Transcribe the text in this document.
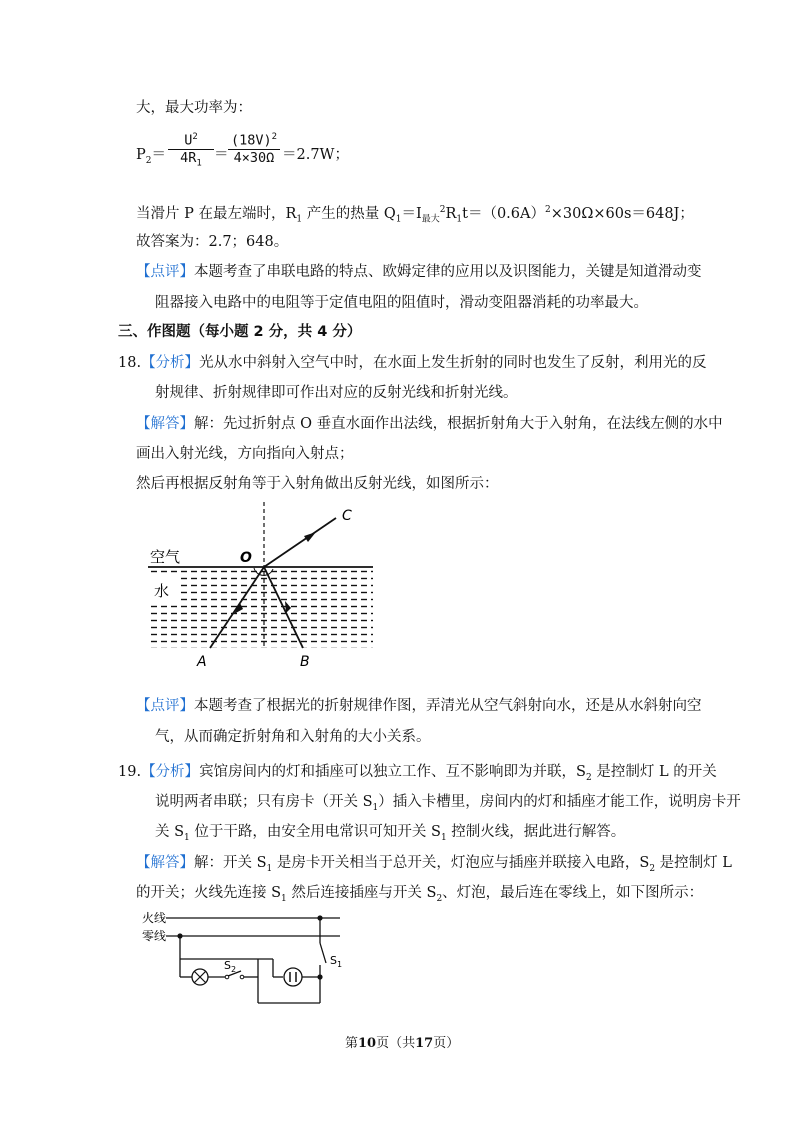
大，最大功率为：
$P_2= \frac{U^2}{4R_1} = \frac{(18V)^2}{4\times 30\Omega} =2.7W$；
当滑片 P 在最左端时，$R_1$ 产生的热量 $Q_1=I_{最大}^2R_1t=(0.6A)^2\times 30\Omega\times 60s=648J$；
故答案为：2.7；648。
【点评】本题考查了串联电路的特点、欧姆定律的应用以及识图能力，关键是知道滑动变
阻器接入电路中的电阻等于定值电阻的阻值时，滑动变阻器消耗的功率最大。
三、作图题（每小题 2 分，共 4 分）
18.【分析】光从水中斜射入空气中时，在水面上发生折射的同时也发生了反射，利用光的反
射规律、折射规律即可作出对应的反射光线和折射光线。
【解答】解：先过折射点 O 垂直水面作出法线，根据折射角大于入射角，在法线左侧的水中
画出入射光线，方向指向入射点；
然后再根据反射角等于入射角做出反射光线，如图所示：
空气
水
O
A	B
C
【点评】本题考查了根据光的折射规律作图，弄清光从空气斜射向水，还是从水斜射向空
气，从而确定折射角和入射角的大小关系。
19.【分析】宾馆房间内的灯和插座可以独立工作、互不影响即为并联，$S_2$ 是控制灯 L 的开关
说明两者串联；只有房卡（开关 $S_1$）插入卡槽里，房间内的灯和插座才能工作，说明房卡开
关 $S_1$ 位于干路，由安全用电常识可知开关 $S_1$ 控制火线，据此进行解答。
【解答】解：开关 $S_1$ 是房卡开关相当于总开关，灯泡应与插座并联接入电路，$S_2$ 是控制灯 L
的开关；火线先连接 $S_1$ 然后连接插座与开关 $S_2$、灯泡，最后连在零线上，如下图所示：
火线
零线
$S_1$
$S_2$
第10页（共17页）
